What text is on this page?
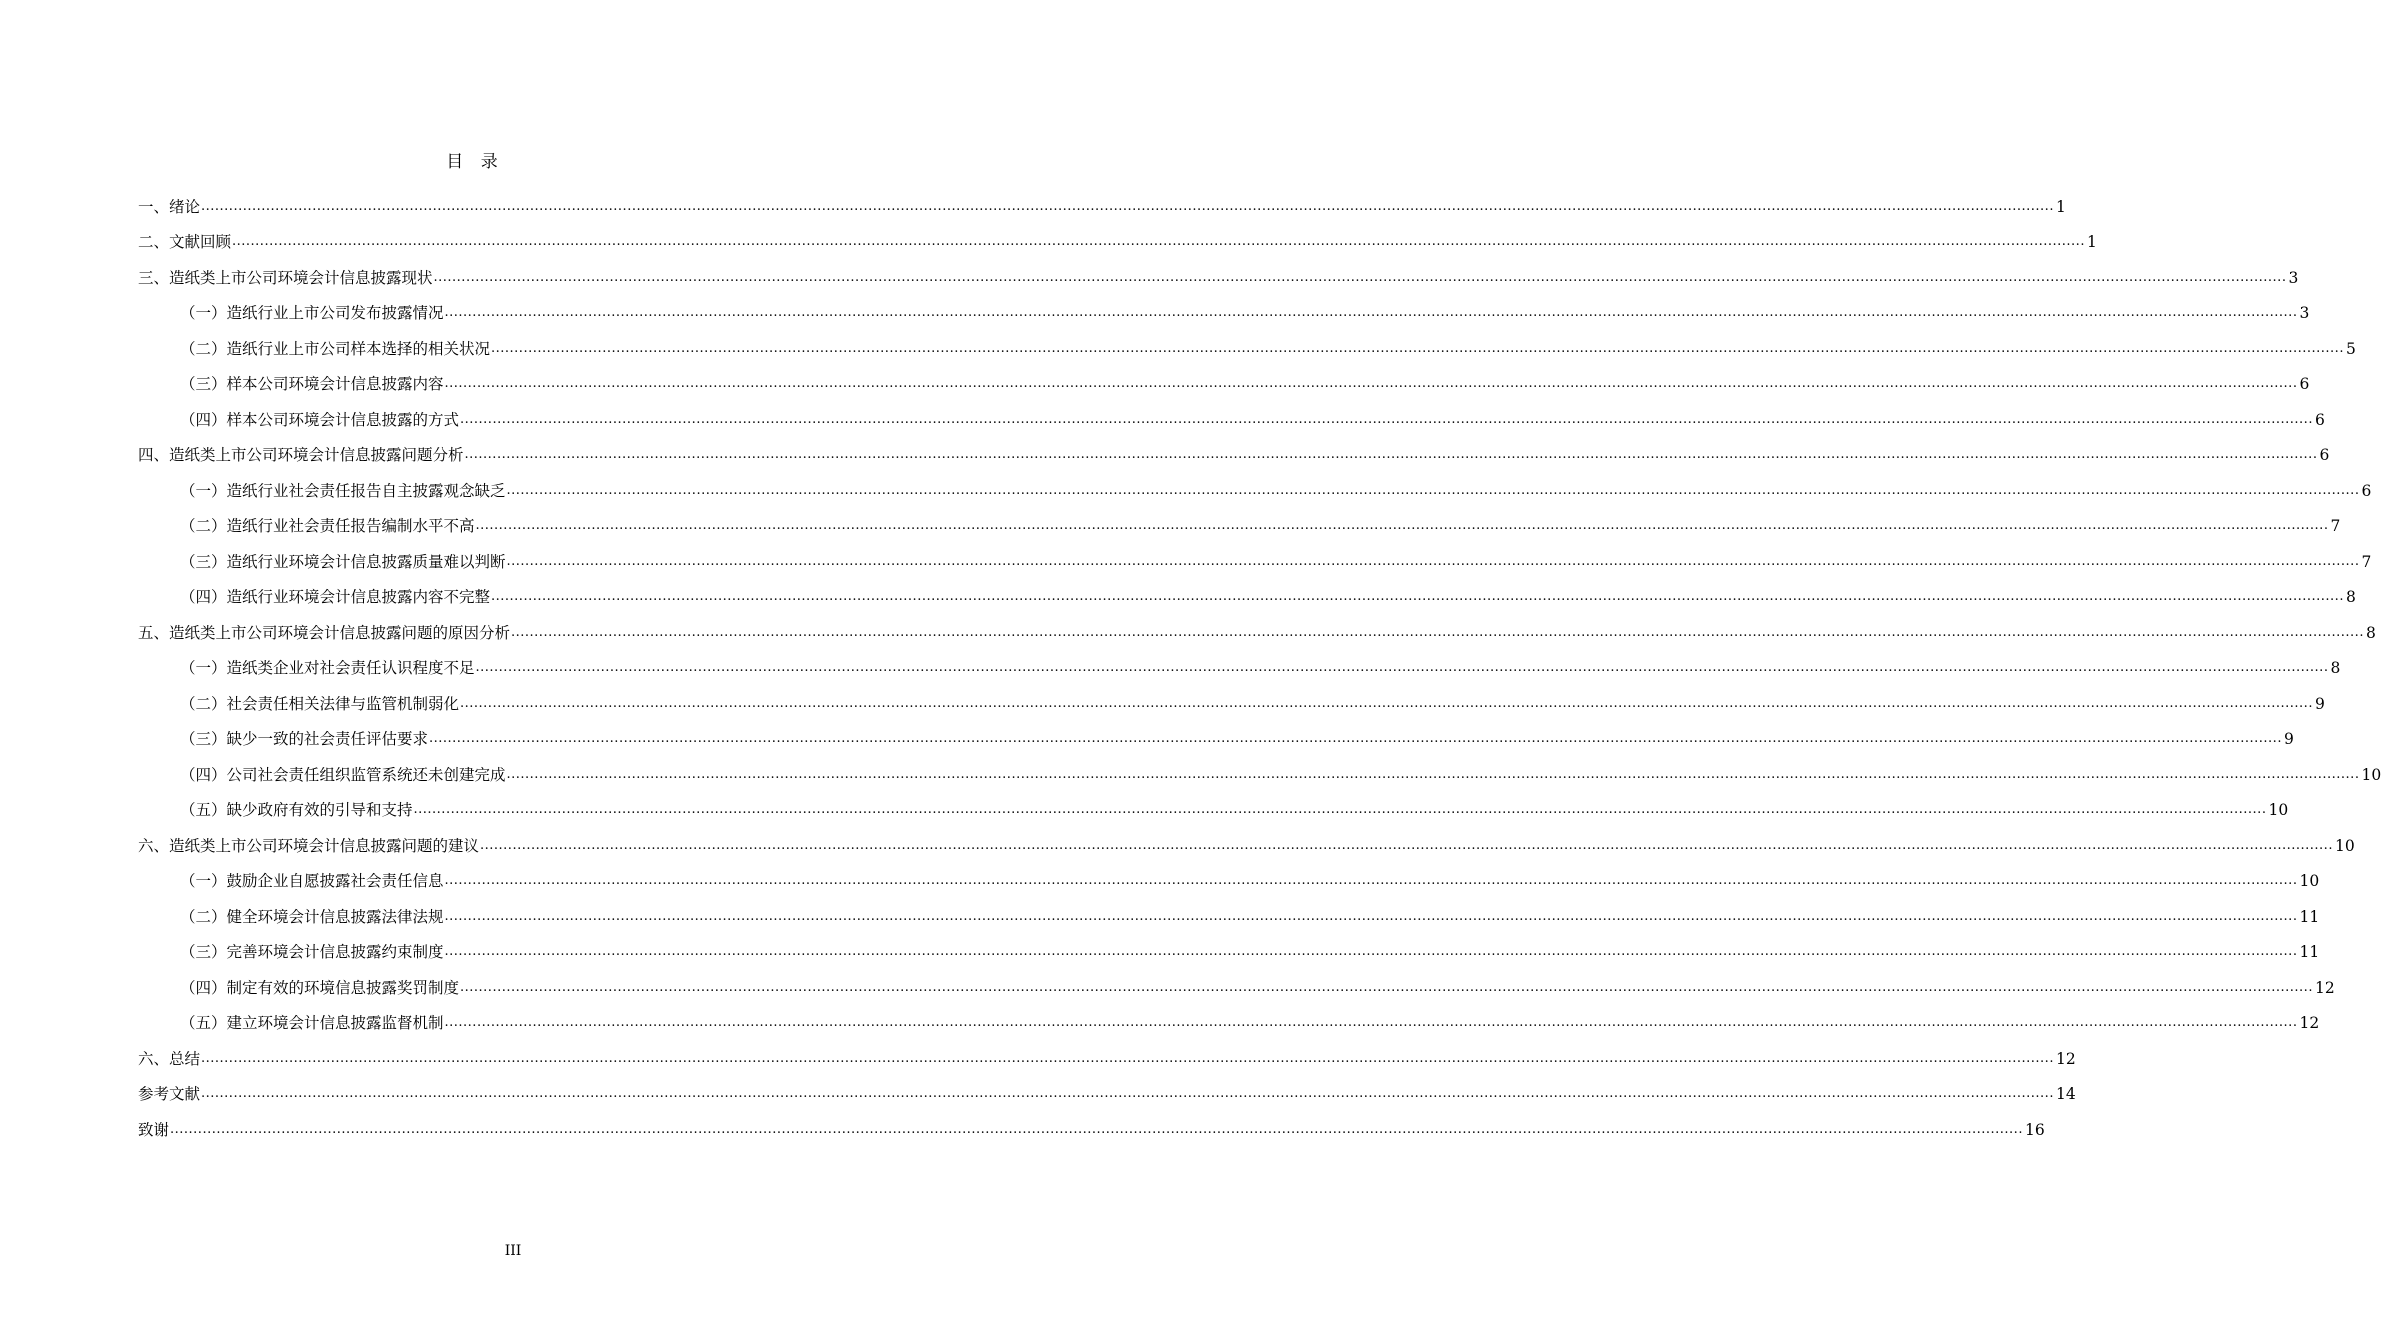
目 录
一、绪论 ................................................................................................................................................................................................................................................................................................................................................................................................................ 1
二、文献回顾 ................................................................................................................................................................................................................................................................................................................................................................................................................ 1
三、造纸类上市公司环境会计信息披露现状 ................................................................................................................................................................................................................................................................................................................................................................................................................ 3
（一）造纸行业上市公司发布披露情况 ................................................................................................................................................................................................................................................................................................................................................................................................................ 3
（二）造纸行业上市公司样本选择的相关状况 ................................................................................................................................................................................................................................................................................................................................................................................................................ 5
（三）样本公司环境会计信息披露内容 ................................................................................................................................................................................................................................................................................................................................................................................................................ 6
（四）样本公司环境会计信息披露的方式 ................................................................................................................................................................................................................................................................................................................................................................................................................ 6
四、造纸类上市公司环境会计信息披露问题分析 ................................................................................................................................................................................................................................................................................................................................................................................................................ 6
（一）造纸行业社会责任报告自主披露观念缺乏 ................................................................................................................................................................................................................................................................................................................................................................................................................ 6
（二）造纸行业社会责任报告编制水平不高 ................................................................................................................................................................................................................................................................................................................................................................................................................ 7
（三）造纸行业环境会计信息披露质量难以判断 ................................................................................................................................................................................................................................................................................................................................................................................................................ 7
（四）造纸行业环境会计信息披露内容不完整 ................................................................................................................................................................................................................................................................................................................................................................................................................ 8
五、造纸类上市公司环境会计信息披露问题的原因分析 ................................................................................................................................................................................................................................................................................................................................................................................................................ 8
（一）造纸类企业对社会责任认识程度不足 ................................................................................................................................................................................................................................................................................................................................................................................................................ 8
（二）社会责任相关法律与监管机制弱化 ................................................................................................................................................................................................................................................................................................................................................................................................................ 9
（三）缺少一致的社会责任评估要求 ................................................................................................................................................................................................................................................................................................................................................................................................................ 9
（四）公司社会责任组织监管系统还未创建完成 ................................................................................................................................................................................................................................................................................................................................................................................................................ 10
（五）缺少政府有效的引导和支持 ................................................................................................................................................................................................................................................................................................................................................................................................................ 10
六、造纸类上市公司环境会计信息披露问题的建议 ................................................................................................................................................................................................................................................................................................................................................................................................................ 10
（一）鼓励企业自愿披露社会责任信息 ................................................................................................................................................................................................................................................................................................................................................................................................................ 10
（二）健全环境会计信息披露法律法规 ................................................................................................................................................................................................................................................................................................................................................................................................................ 11
（三）完善环境会计信息披露约束制度 ................................................................................................................................................................................................................................................................................................................................................................................................................ 11
（四）制定有效的环境信息披露奖罚制度 ................................................................................................................................................................................................................................................................................................................................................................................................................ 12
（五）建立环境会计信息披露监督机制 ................................................................................................................................................................................................................................................................................................................................................................................................................ 12
六、总结 ................................................................................................................................................................................................................................................................................................................................................................................................................ 12
参考文献 ................................................................................................................................................................................................................................................................................................................................................................................................................ 14
致谢 ................................................................................................................................................................................................................................................................................................................................................................................................................ 16
III
